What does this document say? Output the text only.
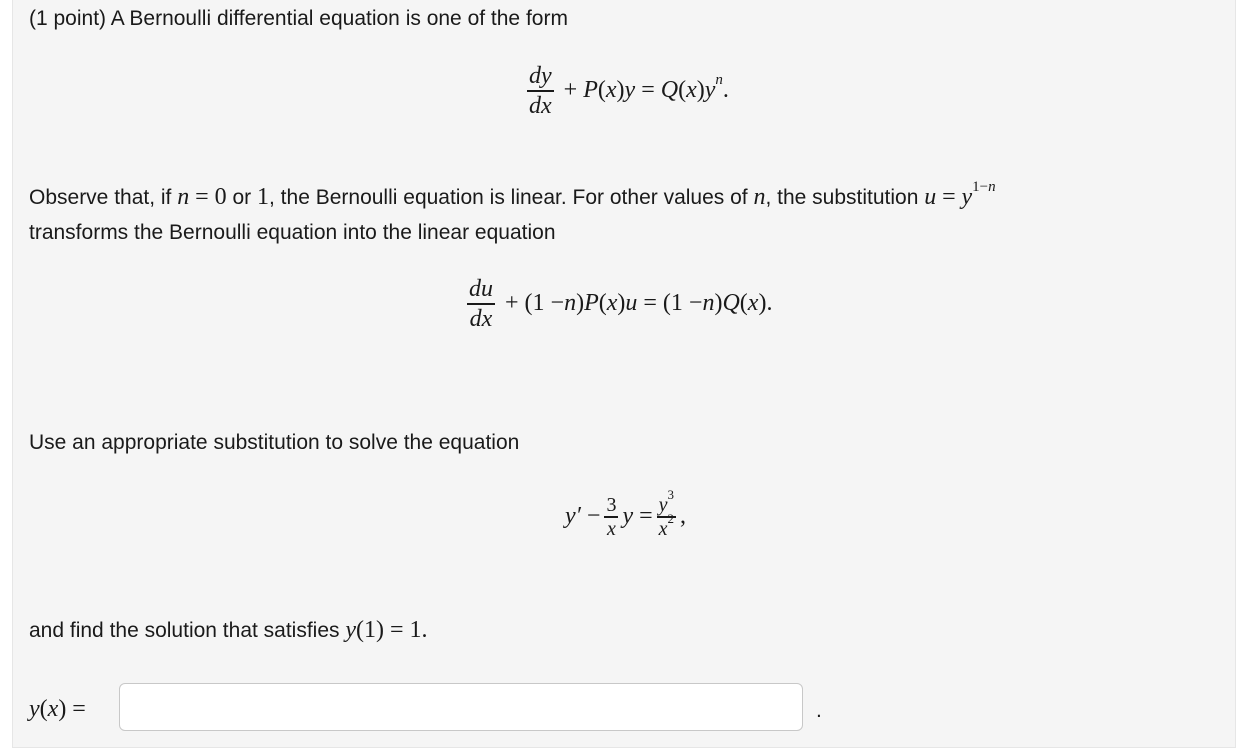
(1 point) A Bernoulli differential equation is one of the form
$\frac{dy}{dx} + P$ ( x ) y = Q ( x ) $y^n$ .
Observe that, if n = 0 or 1, the Bernoulli equation is linear. For other values of n, the substitution $u = y^{1-n}$
transforms the Bernoulli equation into the linear equation
$\frac{du}{dx} + (1 - n$ ) P ( x ) u = (1 − n ) Q ( x ).
Use an appropriate substitution to solve the equation
$y' - \frac{3}{x}$ $y = \frac{y^3}{x^2}$ ,
and find the solution that satisfies y(1) = 1.
y(x) =	.
